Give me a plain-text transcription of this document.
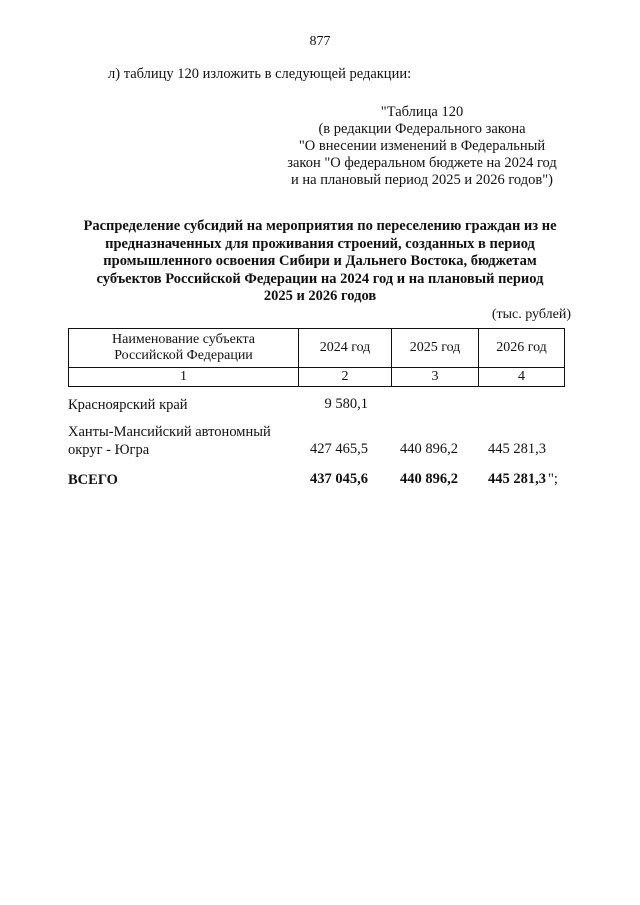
877
л) таблицу 120 изложить в следующей редакции:
"Таблица 120
(в редакции Федерального закона
"О внесении изменений в Федеральный
закон "О федеральном бюджете на 2024 год
и на плановый период 2025 и 2026 годов")
Распределение субсидий на мероприятия по переселению граждан из не
предназначенных для проживания строений, созданных в период
промышленного освоения Сибири и Дальнего Востока, бюджетам
субъектов Российской Федерации на 2024 год и на плановый период
2025 и 2026 годов
(тыс. рублей)
Наименование субъекта
Российской Федерации	2024 год	2025 год	2026 год
1	2	3	4
Красноярский край	9 580,1
Ханты-Мансийский автономный
округ - Югра	427 465,5	440 896,2	445 281,3
ВСЕГО	437 045,6	440 896,2	445 281,3 ";
